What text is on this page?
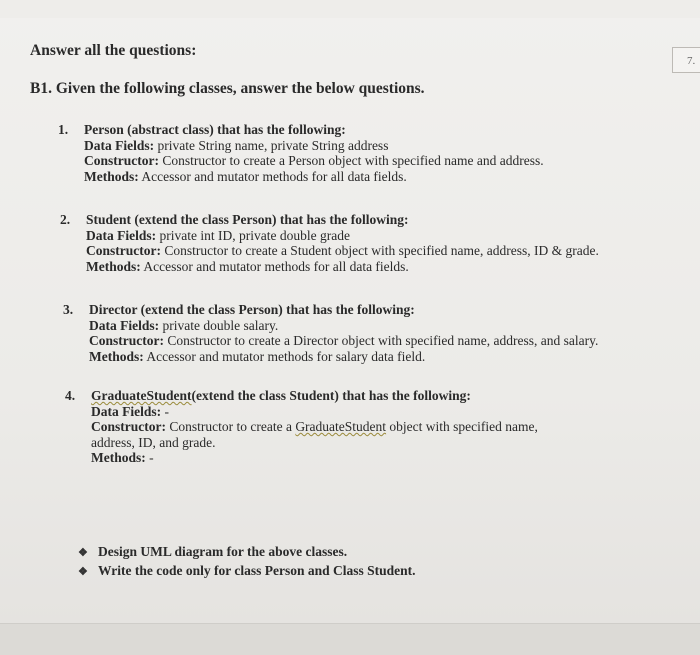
7.
Answer all the questions:
B1. Given the following classes, answer the below questions.
1. Person (abstract class) that has the following:
Data Fields: private String name, private String address
Constructor: Constructor to create a Person object with specified name and address.
Methods: Accessor and mutator methods for all data fields.
2. Student (extend the class Person) that has the following:
Data Fields: private int ID, private double grade
Constructor: Constructor to create a Student object with specified name, address, ID & grade.
Methods: Accessor and mutator methods for all data fields.
3. Director (extend the class Person) that has the following:
Data Fields: private double salary.
Constructor: Constructor to create a Director object with specified name, address, and salary.
Methods: Accessor and mutator methods for salary data field.
4. GraduateStudent(extend the class Student) that has the following:
Data Fields: -
Constructor: Constructor to create a GraduateStudent object with specified name,
address, ID, and grade.
Methods: -
❖ Design UML diagram for the above classes.
❖ Write the code only for class Person and Class Student.
